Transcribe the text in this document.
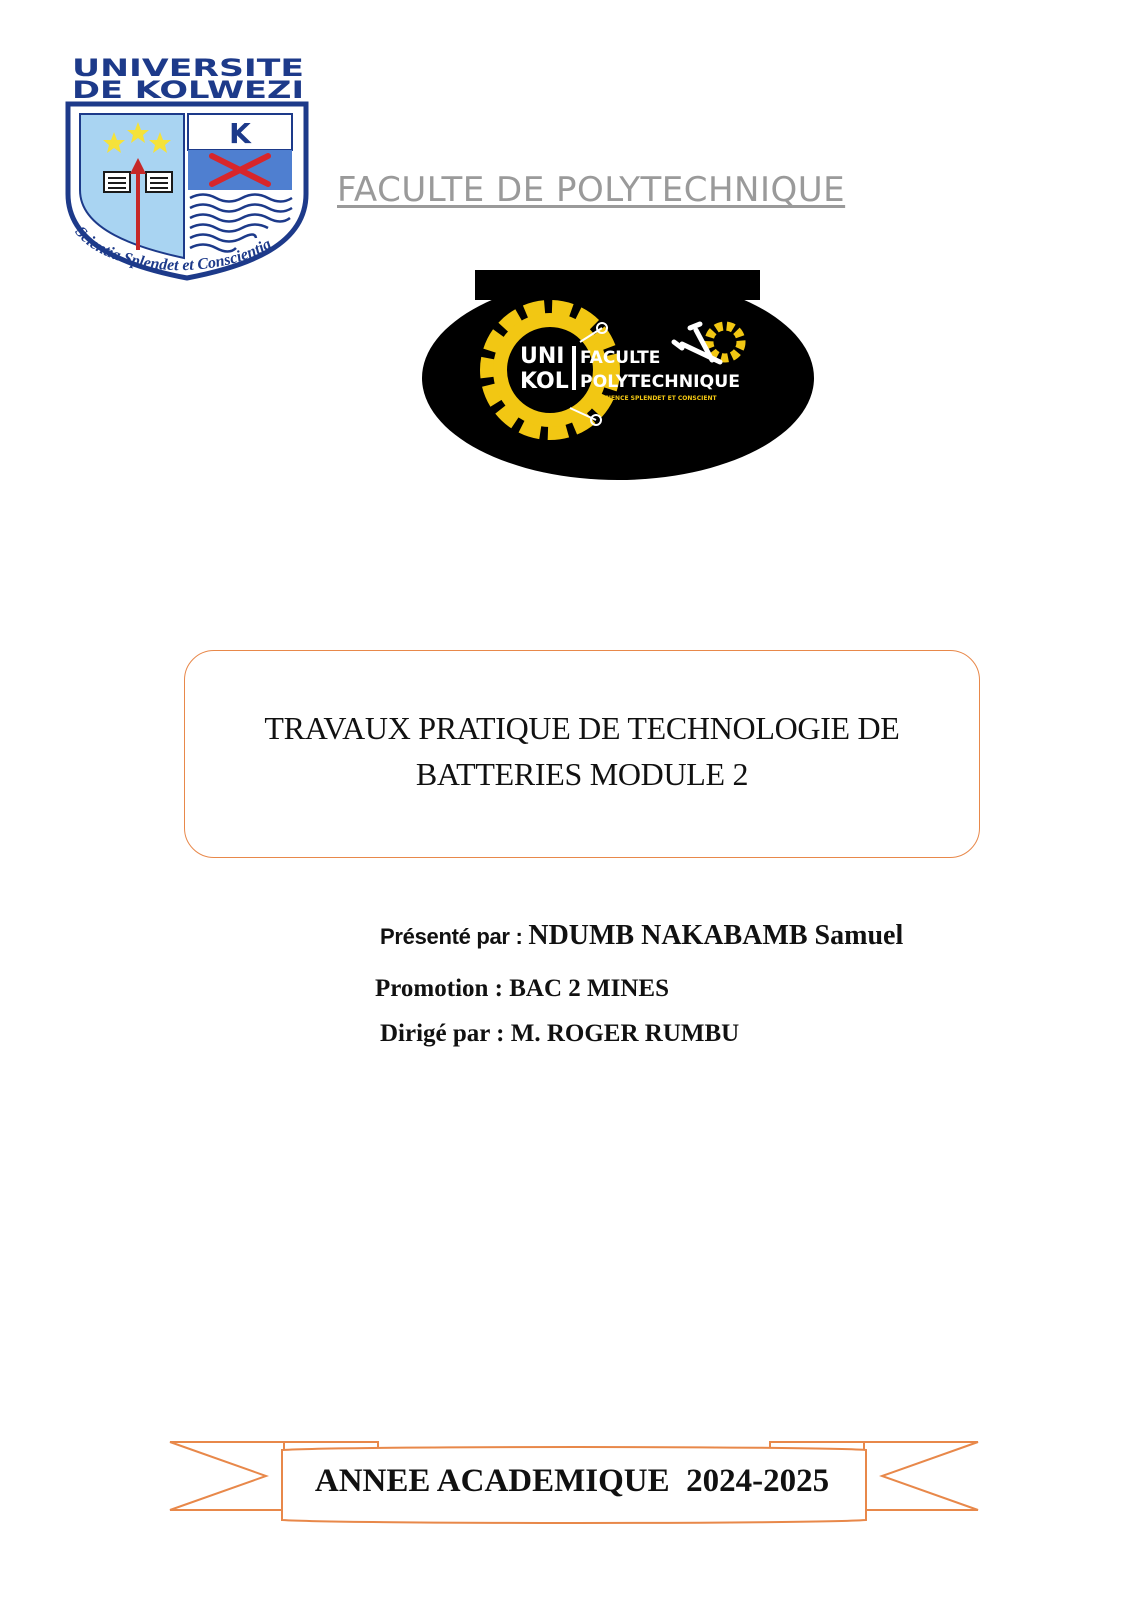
UNIVERSITE
DE KOLWEZI
K
Scientia Splendet et Conscientia
FACULTE DE POLYTECHNIQUE
UNI
KOL
FACULTE
POLYTECHNIQUE
SCIENCE SPLENDET ET CONSCIENT
TRAVAUX PRATIQUE DE TECHNOLOGIE DE
BATTERIES MODULE 2
Présenté par : NDUMB NAKABAMB Samuel
Promotion : BAC 2 MINES
Dirigé par : M. ROGER RUMBU
ANNEE ACADEMIQUE  2024-2025
